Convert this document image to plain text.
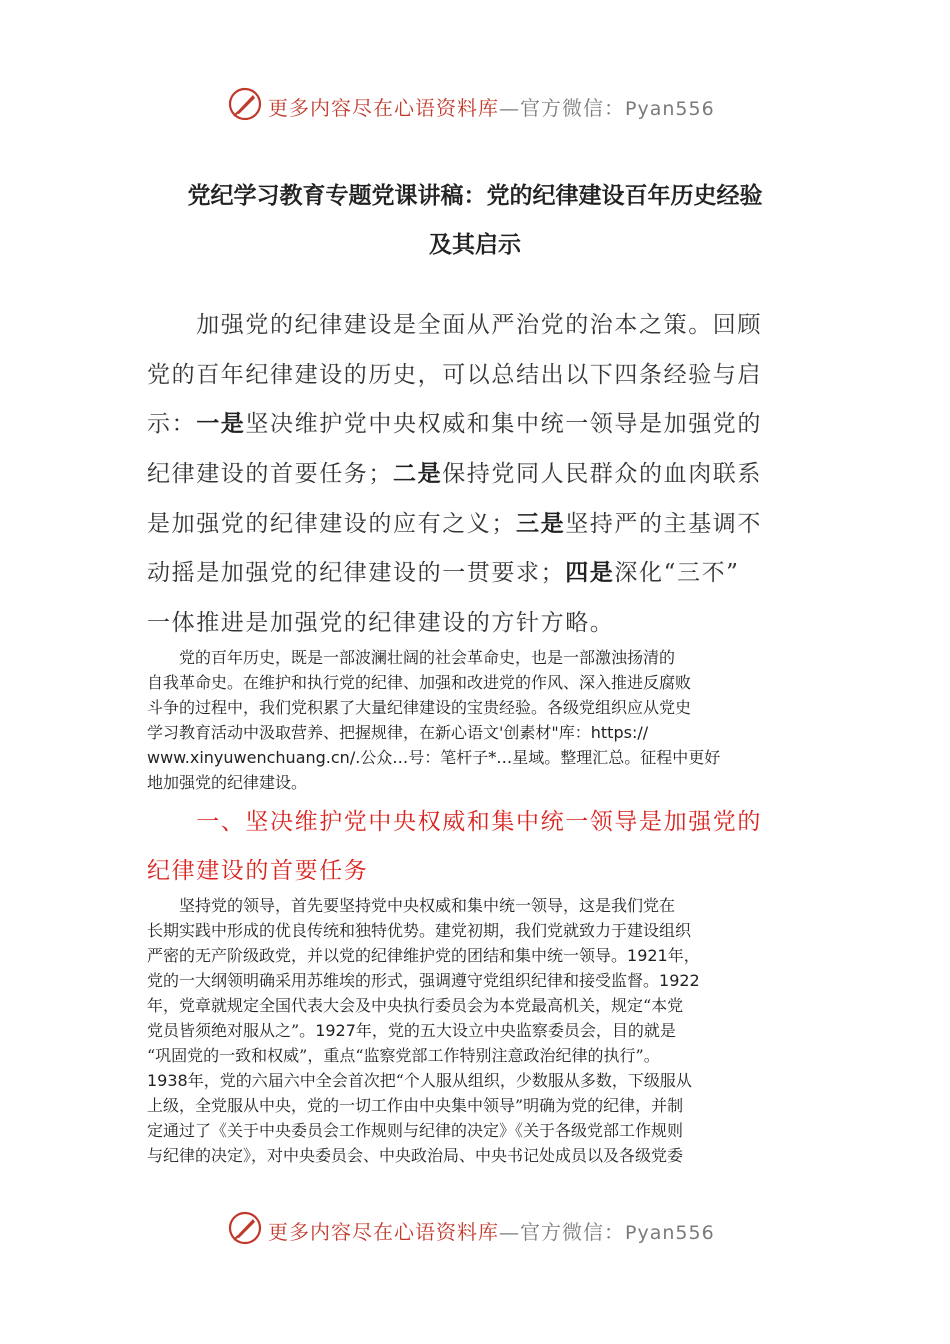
更多内容尽在心语资料库—官方微信：Pyan556
党纪学习教育专题党课讲稿：党的纪律建设百年历史经验
及其启示
　　加强党的纪律建设是全面从严治党的治本之策。回顾
党的百年纪律建设的历史，可以总结出以下四条经验与启
示：一是坚决维护党中央权威和集中统一领导是加强党的
纪律建设的首要任务；二是保持党同人民群众的血肉联系
是加强党的纪律建设的应有之义；三是坚持严的主基调不
动摇是加强党的纪律建设的一贯要求；四是深化“三不”
一体推进是加强党的纪律建设的方针方略。
　　党的百年历史，既是一部波澜壮阔的社会革命史，也是一部激浊扬清的
自我革命史。在维护和执行党的纪律、加强和改进党的作风、深入推进反腐败
斗争的过程中，我们党积累了大量纪律建设的宝贵经验。各级党组织应从党史
学习教育活动中汲取营养、把握规律，在新心语文'创素材"库：https://
www.xinyuwenchuang.cn/.公众…号：笔杆子*…星域。整理汇总。征程中更好
地加强党的纪律建设。
　　一、坚决维护党中央权威和集中统一领导是加强党的
纪律建设的首要任务
　　坚持党的领导，首先要坚持党中央权威和集中统一领导，这是我们党在
长期实践中形成的优良传统和独特优势。建党初期，我们党就致力于建设组织
严密的无产阶级政党，并以党的纪律维护党的团结和集中统一领导。1921年，
党的一大纲领明确采用苏维埃的形式，强调遵守党组织纪律和接受监督。1922
年，党章就规定全国代表大会及中央执行委员会为本党最高机关，规定“本党
党员皆须绝对服从之”。1927年，党的五大设立中央监察委员会，目的就是
“巩固党的一致和权威”，重点“监察党部工作特别注意政治纪律的执行”。
1938年，党的六届六中全会首次把“个人服从组织，少数服从多数，下级服从
上级，全党服从中央，党的一切工作由中央集中领导”明确为党的纪律，并制
定通过了《关于中央委员会工作规则与纪律的决定》《关于各级党部工作规则
与纪律的决定》，对中央委员会、中央政治局、中央书记处成员以及各级党委
更多内容尽在心语资料库—官方微信：Pyan556
